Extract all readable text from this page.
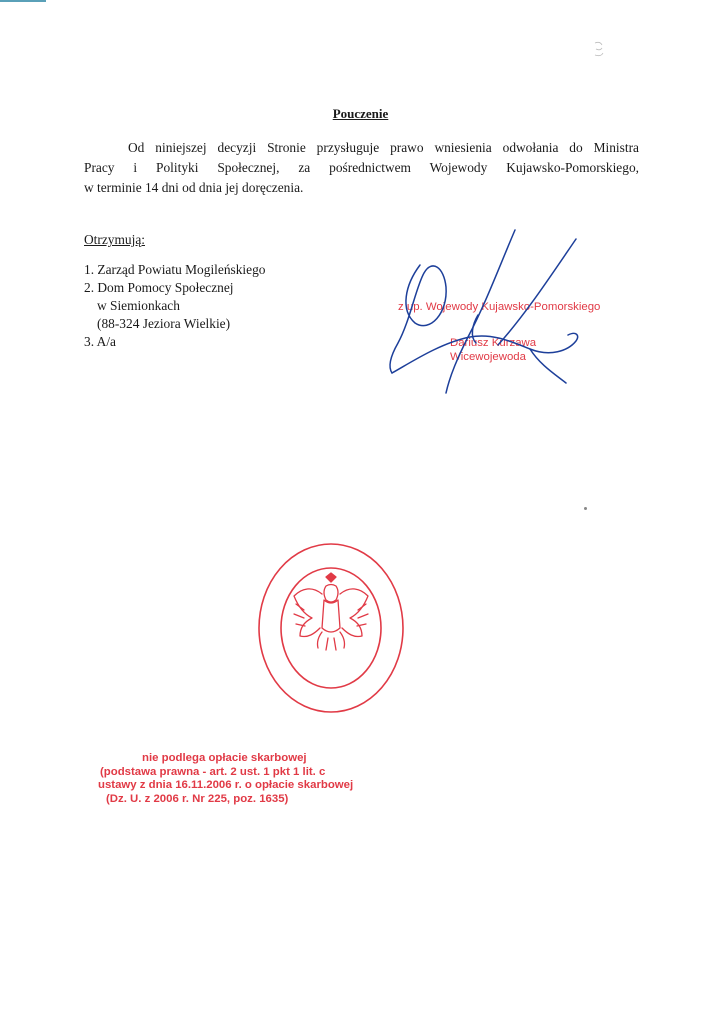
Pouczenie
Od niniejszej decyzji Stronie przysługuje prawo wniesienia odwołania do Ministra
Pracy i Polityki Społecznej, za pośrednictwem Wojewody Kujawsko-Pomorskiego,
w terminie 14 dni od dnia jej doręczenia.
Otrzymują:
1. Zarząd Powiatu Mogileńskiego
2. Dom Pomocy Społecznej
w Siemionkach
(88-324 Jeziora Wielkie)
3. A/a
z up. Wojewody Kujawsko-Pomorskiego
Dariusz Kurzawa
Wicewojewoda
nie podlega opłacie skarbowej
(podstawa prawna - art. 2 ust. 1 pkt 1 lit. c
ustawy z dnia 16.11.2006 r. o opłacie skarbowej
(Dz. U. z 2006 r. Nr 225, poz. 1635)
